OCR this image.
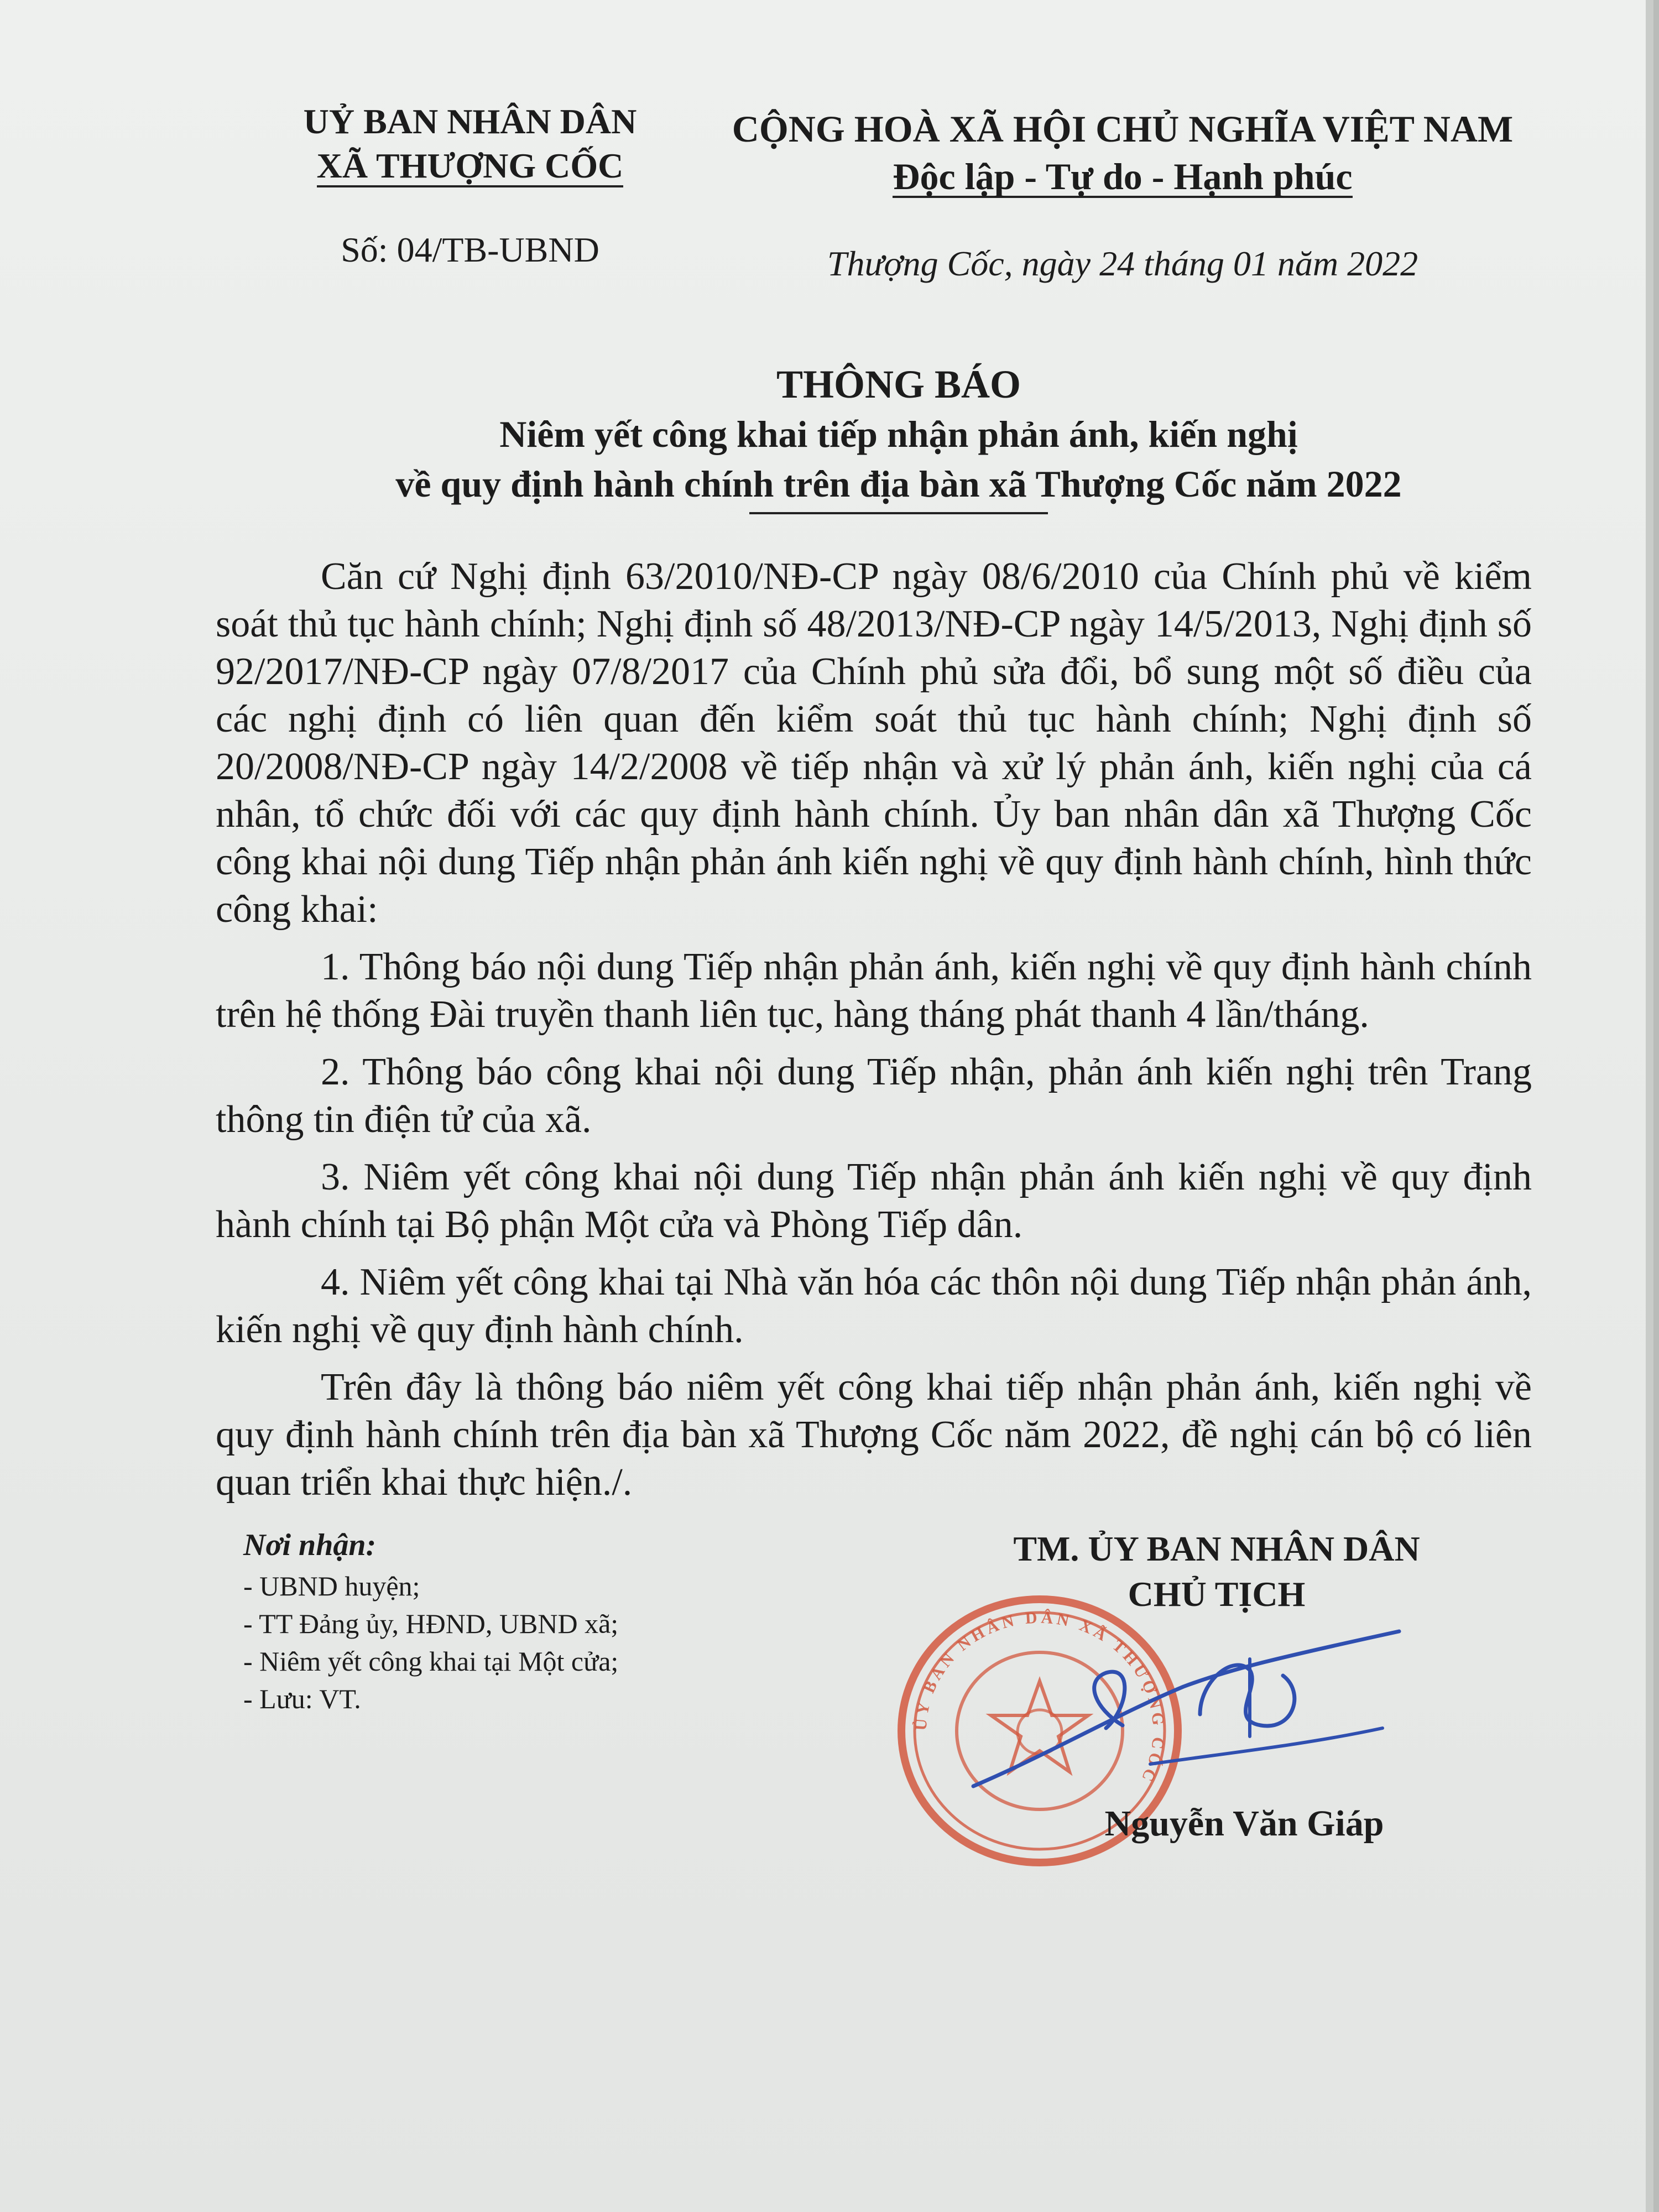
UỶ BAN NHÂN DÂN
XÃ THƯỢNG CỐC
CỘNG HOÀ XÃ HỘI CHỦ NGHĨA VIỆT NAM
Độc lập - Tự do - Hạnh phúc
Số: 04/TB-UBND	Thượng Cốc, ngày 24 tháng 01 năm 2022
THÔNG BÁO
Niêm yết công khai tiếp nhận phản ánh, kiến nghị
về quy định hành chính trên địa bàn xã Thượng Cốc năm 2022

Căn cứ Nghị định 63/2010/NĐ-CP ngày 08/6/2010 của Chính phủ về kiểm soát thủ tục hành chính; Nghị định số 48/2013/NĐ-CP ngày 14/5/2013, Nghị định số 92/2017/NĐ-CP ngày 07/8/2017 của Chính phủ sửa đổi, bổ sung một số điều của các nghị định có liên quan đến kiểm soát thủ tục hành chính; Nghị định số 20/2008/NĐ-CP ngày 14/2/2008 về tiếp nhận và xử lý phản ánh, kiến nghị của cá nhân, tổ chức đối với các quy định hành chính. Ủy ban nhân dân xã Thượng Cốc công khai nội dung Tiếp nhận phản ánh kiến nghị về quy định hành chính, hình thức công khai:

1. Thông báo nội dung Tiếp nhận phản ánh, kiến nghị về quy định hành chính trên hệ thống Đài truyền thanh liên tục, hàng tháng phát thanh 4 lần/tháng.

2. Thông báo công khai nội dung Tiếp nhận, phản ánh kiến nghị trên Trang thông tin điện tử của xã.

3. Niêm yết công khai nội dung Tiếp nhận phản ánh kiến nghị về quy định hành chính tại Bộ phận Một cửa và Phòng Tiếp dân.

4. Niêm yết công khai tại Nhà văn hóa các thôn nội dung Tiếp nhận phản ánh, kiến nghị về quy định hành chính.

Trên đây là thông báo niêm yết công khai tiếp nhận phản ánh, kiến nghị về quy định hành chính trên địa bàn xã Thượng Cốc năm 2022, đề nghị cán bộ có liên quan triển khai thực hiện./.

Nơi nhận:
- UBND huyện;
- TT Đảng ủy, HĐND, UBND xã;
- Niêm yết công khai tại Một cửa;
- Lưu: VT.
TM. ỦY BAN NHÂN DÂN
CHỦ TỊCH
ỦY BAN NHÂN DÂN XÃ THƯỢNG CỐC
Nguyễn Văn Giáp
